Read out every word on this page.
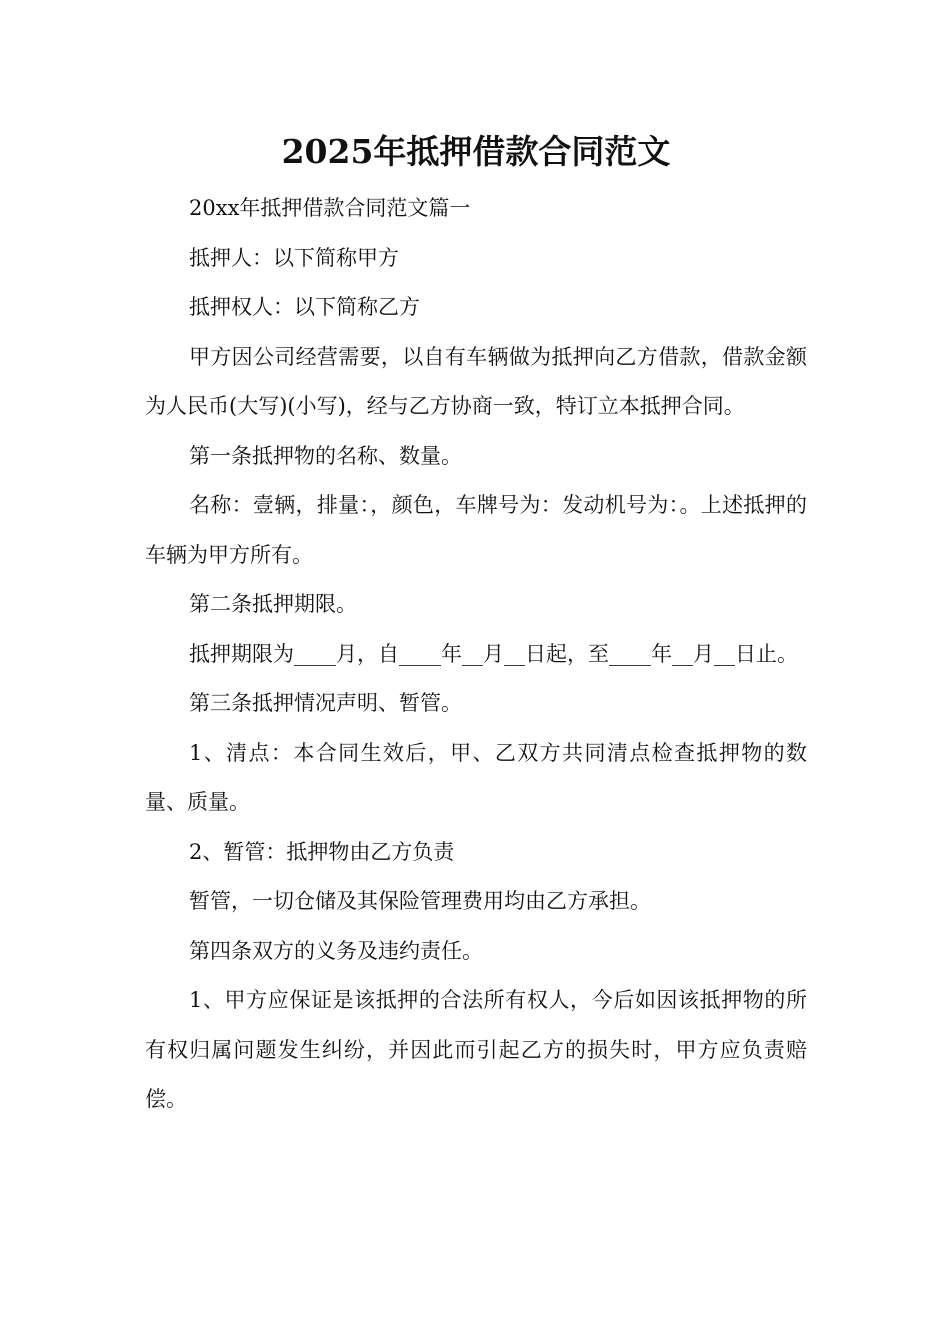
2025年抵押借款合同范文

20xx年抵押借款合同范文篇一

抵押人：以下简称甲方

抵押权人：以下简称乙方

甲方因公司经营需要，以自有车辆做为抵押向乙方借款，借款金额为人民币(大写)(小写)，经与乙方协商一致，特订立本抵押合同。

第一条抵押物的名称、数量。

名称：壹辆，排量：，颜色，车牌号为：发动机号为：。上述抵押的车辆为甲方所有。

第二条抵押期限。

抵押期限为____月，自____年__月__日起，至____年__月__日止。

第三条抵押情况声明、暂管。

1、清点：本合同生效后，甲、乙双方共同清点检查抵押物的数量、质量。

2、暂管：抵押物由乙方负责

暂管，一切仓储及其保险管理费用均由乙方承担。

第四条双方的义务及违约责任。

1、甲方应保证是该抵押的合法所有权人，今后如因该抵押物的所有权归属问题发生纠纷，并因此而引起乙方的损失时，甲方应负责赔偿。
